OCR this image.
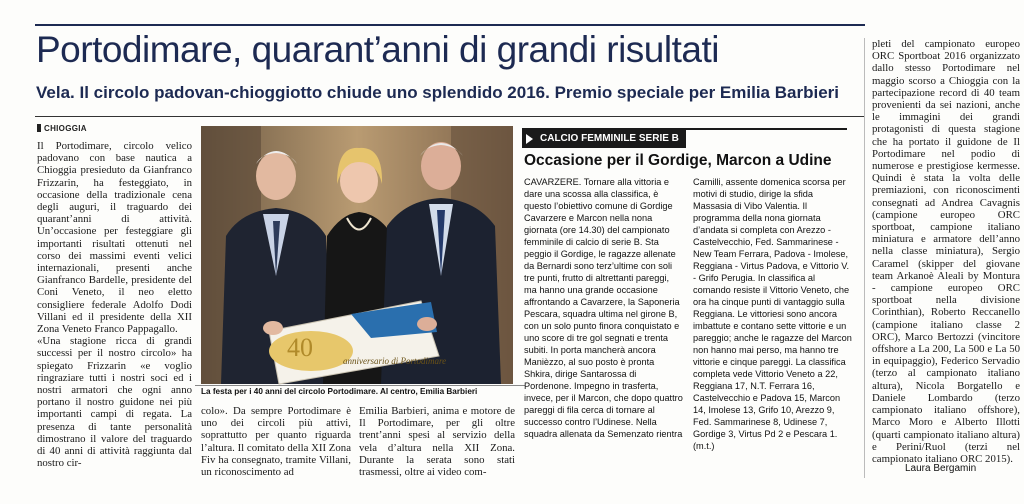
Portodimare, quarant’anni di grandi risultati
Vela. Il circolo padovan-chioggiotto chiude uno splendido 2016. Premio speciale per Emilia Barbieri
CHIOGGIA

Il Portodimare, circolo velico padovano con base nautica a Chioggia presieduto da Gianfranco Frizzarin, ha festeggiato, in occasione della tradizionale cena degli auguri, il traguardo dei quarant’anni di attività. Un’occasione per festeggiare gli importanti risultati ottenuti nel corso dei massimi eventi velici internazionali, presenti anche Gianfranco Bardelle, presidente del Coni Veneto, il neo eletto consigliere federale Adolfo Dodi Villani ed il presidente della XII Zona Veneto Franco Pappagallo.

«Una stagione ricca di grandi successi per il nostro circolo» ha spiegato Frizzarin «e voglio ringraziare tutti i nostri soci ed i nostri armatori che ogni anno portano il nostro guidone nei più importanti campi di regata. La presenza di tante personalità dimostrano il valore del traguardo di 40 anni di attività raggiunta dal nostro cir-

40	anniversario di Portodimare
La festa per i 40 anni del circolo Portodimare. Al centro, Emilia Barbieri
colo». Da sempre Portodimare è uno dei circoli più attivi, soprattutto per quanto riguarda l’altura. Il comitato della XII Zona Fiv ha consegnato, tramite Villani, un riconoscimento ad
Emilia Barbieri, anima e motore de Il Portodimare, per gli oltre trent’anni spesi al servizio della vela d’altura nella XII Zona. Durante la serata sono stati trasmessi, oltre ai video com-
CALCIO FEMMINILE SERIE B
Occasione per il Gordige, Marcon a Udine
CAVARZERE. Tornare alla vittoria e dare una scossa alla classifica, è questo l’obiettivo comune di Gordige Cavarzere e Marcon nella nona giornata (ore 14.30) del campionato femminile di calcio di serie B. Sta peggio il Gordige, le ragazze allenate da Bernardi sono terz’ultime con soli tre punti, frutto di altrettanti pareggi, ma hanno una grande occasione affrontando a Cavarzere, la Saponeria Pescara, squadra ultima nel girone B, con un solo punto finora conquistato e uno score di tre gol segnati e trenta subiti. In porta mancherà ancora Manièzzo, al suo posto è pronta Shkira, dirige Santarossa di Pordenone. Impegno in trasferta, invece, per il Marcon, che dopo quattro pareggi di fila cerca di tornare al successo contro l’Udinese. Nella squadra allenata da Semenzato rientra
Camilli, assente domenica scorsa per motivi di studio, dirige la sfida Massasia di Vibo Valentia. Il programma della nona giornata d’andata si completa con Arezzo - Castelvecchio, Fed. Sammarinese - New Team Ferrara, Padova - Imolese, Reggiana - Virtus Padova, e Vittorio V. - Grifo Perugia. In classifica al comando resiste il Vittorio Veneto, che ora ha cinque punti di vantaggio sulla Reggiana. Le vittoriesi sono ancora imbattute e contano sette vittorie e un pareggio; anche le ragazze del Marcon non hanno mai perso, ma hanno tre vittorie e cinque pareggi. La classifica completa vede Vittorio Veneto a 22, Reggiana 17, N.T. Ferrara 16, Castelvecchio e Padova 15, Marcon 14, Imolese 13, Grifo 10, Arezzo 9, Fed. Sammarinese 8, Udinese 7, Gordige 3, Virtus Pd 2 e Pescara 1. (m.t.)
pleti del campionato europeo ORC Sportboat 2016 organizzato dallo stesso Portodimare nel maggio scorso a Chioggia con la partecipazione record di 40 team provenienti da sei nazioni, anche le immagini dei grandi protagonisti di questa stagione che ha portato il guidone de Il Portodimare nel podio di numerose e prestigiose kermesse. Quindi è stata la volta delle premiazioni, con riconoscimenti consegnati ad Andrea Cavagnis (campione europeo ORC sportboat, campione italiano miniatura e armatore dell’anno nella classe miniatura), Sergio Caramel (skipper del giovane team Arkanoè Aleali by Montura - campione europeo ORC sportboat nella divisione Corinthian), Roberto Reccanello (campione italiano classe 2 ORC), Marco Bertozzi (vincitore offshore a La 200, La 500 e La 50 in equipaggio), Federico Servadio (terzo al campionato italiano altura), Nicola Borgatello e Daniele Lombardo (terzo campionato italiano offshore), Marco Moro e Alberto Illotti (quarti campionato italiano altura) e Perini/Ruol (terzi nel campionato italiano ORC 2015).
Laura Bergamin
